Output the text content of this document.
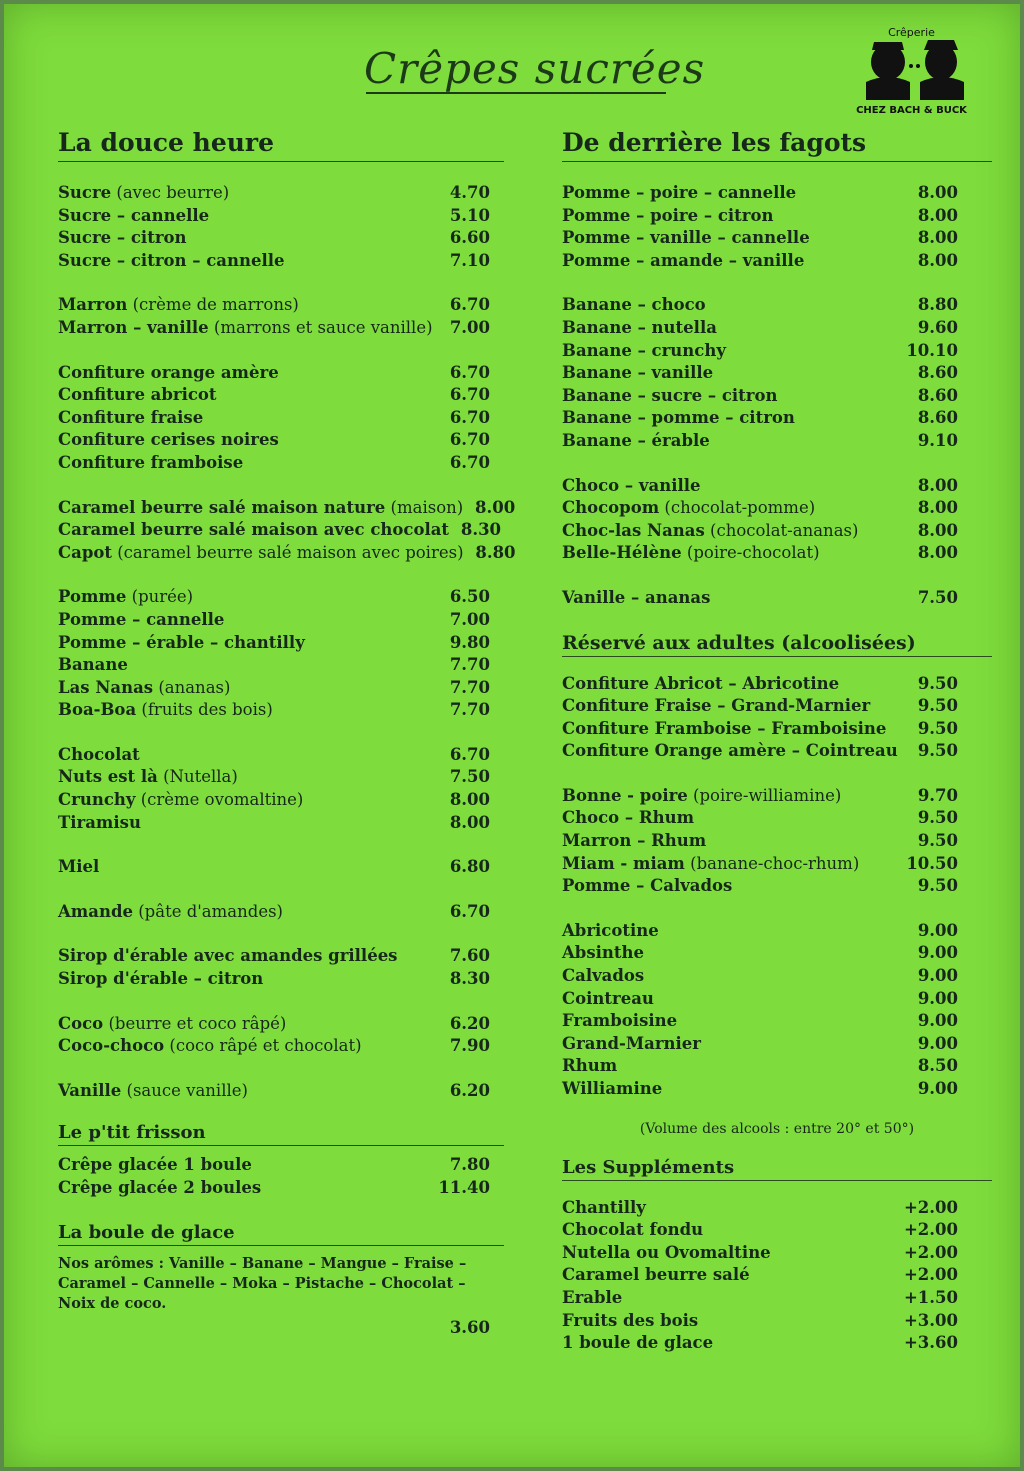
Crêpes sucrées
Crêperie
CHEZ BACH & BUCK
La douce heure
Sucre (avec beurre)	4.70
Sucre – cannelle	5.10
Sucre – citron	6.60
Sucre – citron – cannelle	7.10
Marron (crème de marrons)	6.70
Marron – vanille (marrons et sauce vanille)	7.00
Confiture orange amère	6.70
Confiture abricot	6.70
Confiture fraise	6.70
Confiture cerises noires	6.70
Confiture framboise	6.70
Caramel beurre salé maison nature (maison) 8.00
Caramel beurre salé maison avec chocolat 8.30
Capot (caramel beurre salé maison avec poires) 8.80
Pomme (purée)	6.50
Pomme – cannelle	7.00
Pomme – érable – chantilly	9.80
Banane	7.70
Las Nanas (ananas)	7.70
Boa-Boa (fruits des bois)	7.70
Chocolat	6.70
Nuts est là (Nutella)	7.50
Crunchy (crème ovomaltine)	8.00
Tiramisu	8.00
Miel	6.80
Amande (pâte d'amandes)	6.70
Sirop d'érable avec amandes grillées	7.60
Sirop d'érable – citron	8.30
Coco (beurre et coco râpé)	6.20
Coco-choco (coco râpé et chocolat)	7.90
Vanille (sauce vanille)	6.20
Le p'tit frisson
Crêpe glacée 1 boule	7.80
Crêpe glacée 2 boules	11.40
La boule de glace
Nos arômes : Vanille – Banane – Mangue – Fraise – Caramel – Cannelle – Moka – Pistache – Chocolat – Noix de coco.
3.60
De derrière les fagots
Pomme – poire – cannelle	8.00
Pomme – poire – citron	8.00
Pomme – vanille – cannelle	8.00
Pomme – amande – vanille	8.00
Banane – choco	8.80
Banane – nutella	9.60
Banane – crunchy	10.10
Banane – vanille	8.60
Banane – sucre – citron	8.60
Banane – pomme – citron	8.60
Banane – érable	9.10
Choco – vanille	8.00
Chocopom (chocolat-pomme)	8.00
Choc-las Nanas (chocolat-ananas)	8.00
Belle-Hélène (poire-chocolat)	8.00
Vanille – ananas	7.50
Réservé aux adultes (alcoolisées)
Confiture Abricot – Abricotine	9.50
Confiture Fraise – Grand-Marnier	9.50
Confiture Framboise – Framboisine	9.50
Confiture Orange amère – Cointreau	9.50
Bonne - poire (poire-williamine)	9.70
Choco – Rhum	9.50
Marron – Rhum	9.50
Miam - miam (banane-choc-rhum)	10.50
Pomme – Calvados	9.50
Abricotine	9.00
Absinthe	9.00
Calvados	9.00
Cointreau	9.00
Framboisine	9.00
Grand-Marnier	9.00
Rhum	8.50
Williamine	9.00
(Volume des alcools : entre 20° et 50°)
Les Suppléments
Chantilly	+2.00
Chocolat fondu	+2.00
Nutella ou Ovomaltine	+2.00
Caramel beurre salé	+2.00
Erable	+1.50
Fruits des bois	+3.00
1 boule de glace	+3.60
